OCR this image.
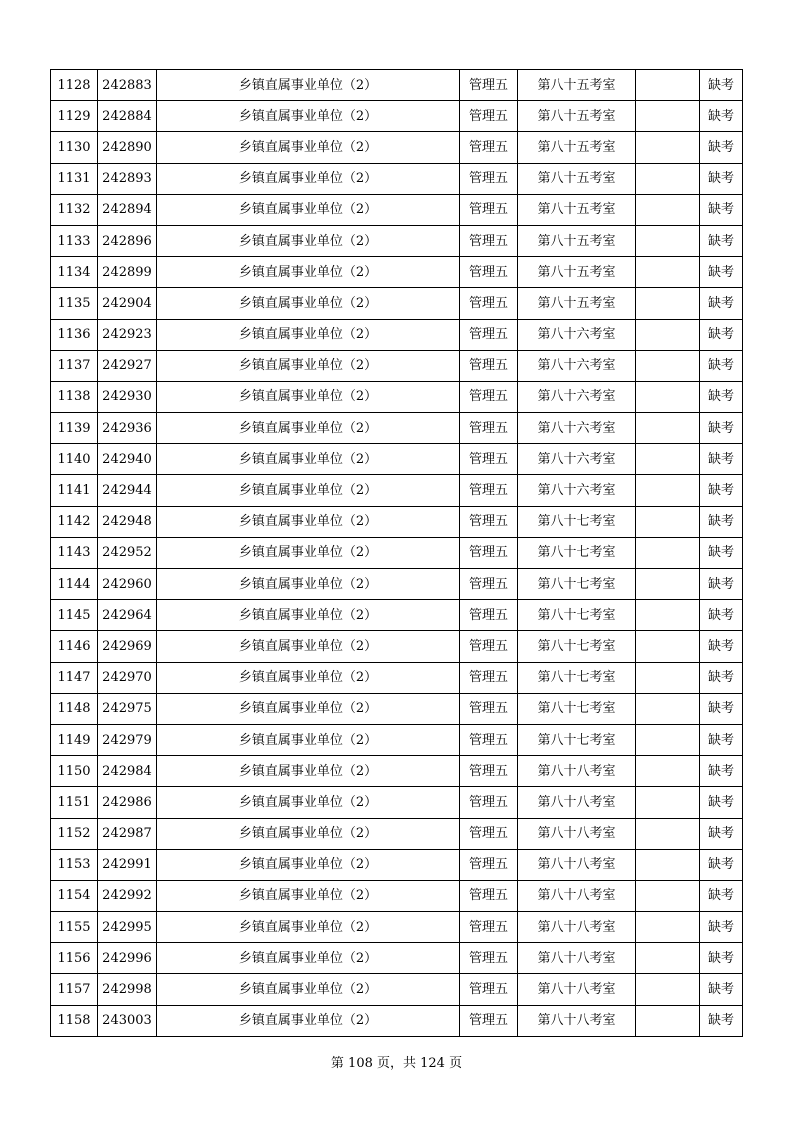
1128	242883	乡镇直属事业单位（2）	管理五	第八十五考室		缺考
1129	242884	乡镇直属事业单位（2）	管理五	第八十五考室		缺考
1130	242890	乡镇直属事业单位（2）	管理五	第八十五考室		缺考
1131	242893	乡镇直属事业单位（2）	管理五	第八十五考室		缺考
1132	242894	乡镇直属事业单位（2）	管理五	第八十五考室		缺考
1133	242896	乡镇直属事业单位（2）	管理五	第八十五考室		缺考
1134	242899	乡镇直属事业单位（2）	管理五	第八十五考室		缺考
1135	242904	乡镇直属事业单位（2）	管理五	第八十五考室		缺考
1136	242923	乡镇直属事业单位（2）	管理五	第八十六考室		缺考
1137	242927	乡镇直属事业单位（2）	管理五	第八十六考室		缺考
1138	242930	乡镇直属事业单位（2）	管理五	第八十六考室		缺考
1139	242936	乡镇直属事业单位（2）	管理五	第八十六考室		缺考
1140	242940	乡镇直属事业单位（2）	管理五	第八十六考室		缺考
1141	242944	乡镇直属事业单位（2）	管理五	第八十六考室		缺考
1142	242948	乡镇直属事业单位（2）	管理五	第八十七考室		缺考
1143	242952	乡镇直属事业单位（2）	管理五	第八十七考室		缺考
1144	242960	乡镇直属事业单位（2）	管理五	第八十七考室		缺考
1145	242964	乡镇直属事业单位（2）	管理五	第八十七考室		缺考
1146	242969	乡镇直属事业单位（2）	管理五	第八十七考室		缺考
1147	242970	乡镇直属事业单位（2）	管理五	第八十七考室		缺考
1148	242975	乡镇直属事业单位（2）	管理五	第八十七考室		缺考
1149	242979	乡镇直属事业单位（2）	管理五	第八十七考室		缺考
1150	242984	乡镇直属事业单位（2）	管理五	第八十八考室		缺考
1151	242986	乡镇直属事业单位（2）	管理五	第八十八考室		缺考
1152	242987	乡镇直属事业单位（2）	管理五	第八十八考室		缺考
1153	242991	乡镇直属事业单位（2）	管理五	第八十八考室		缺考
1154	242992	乡镇直属事业单位（2）	管理五	第八十八考室		缺考
1155	242995	乡镇直属事业单位（2）	管理五	第八十八考室		缺考
1156	242996	乡镇直属事业单位（2）	管理五	第八十八考室		缺考
1157	242998	乡镇直属事业单位（2）	管理五	第八十八考室		缺考
1158	243003	乡镇直属事业单位（2）	管理五	第八十八考室		缺考
第 108 页，共 124 页
